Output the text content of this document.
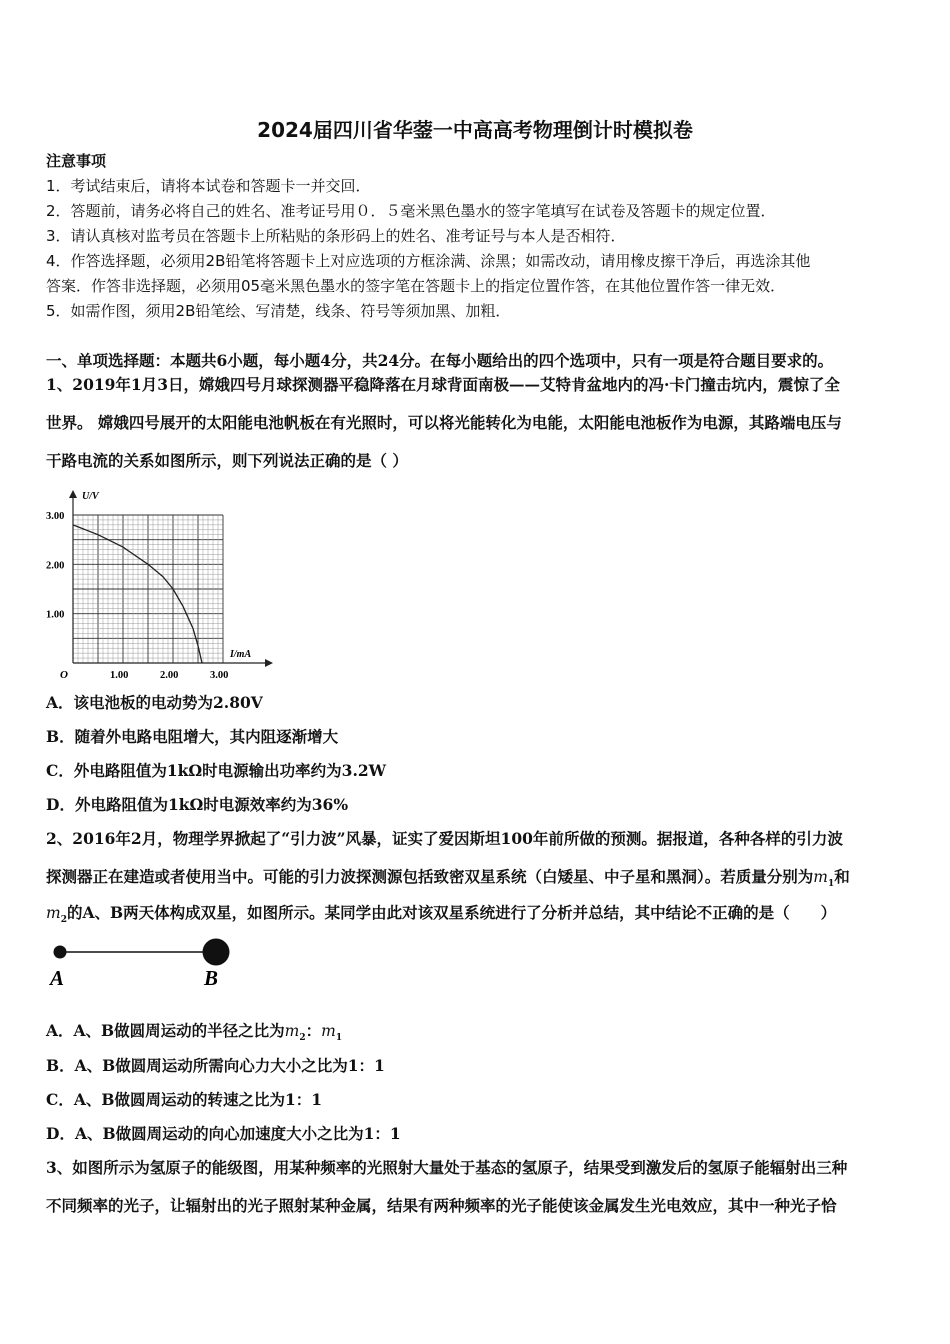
2024届四川省华蓥一中高高考物理倒计时模拟卷
注意事项
1．考试结束后，请将本试卷和答题卡一并交回．
2．答题前，请务必将自己的姓名、准考证号用０．５毫米黑色墨水的签字笔填写在试卷及答题卡的规定位置．
3．请认真核对监考员在答题卡上所粘贴的条形码上的姓名、准考证号与本人是否相符．
4．作答选择题，必须用2B铅笔将答题卡上对应选项的方框涂满、涂黑；如需改动，请用橡皮擦干净后，再选涂其他
答案．作答非选择题，必须用05毫米黑色墨水的签字笔在答题卡上的指定位置作答，在其他位置作答一律无效．
5．如需作图，须用2B铅笔绘、写清楚，线条、符号等须加黑、加粗．
一、单项选择题：本题共6小题，每小题4分，共24分。在每小题给出的四个选项中，只有一项是符合题目要求的。
1、2019年1月3日，嫦娥四号月球探测器平稳降落在月球背面南极——艾特肯盆地内的冯·卡门撞击坑内，震惊了全
世界。 嫦娥四号展开的太阳能电池帆板在有光照时，可以将光能转化为电能，太阳能电池板作为电源，其路端电压与
干路电流的关系如图所示，则下列说法正确的是（ ）
U/V
I/mA
O	1.00	2.00	3.00
1.00
2.00
3.00
A．该电池板的电动势为2.80V
B．随着外电路电阻增大，其内阻逐渐增大
C．外电路阻值为1kΩ时电源输出功率约为3.2W
D．外电路阻值为1kΩ时电源效率约为36%
2、2016年2月，物理学界掀起了“引力波”风暴，证实了爱因斯坦100年前所做的预测。据报道，各种各样的引力波
探测器正在建造或者使用当中。可能的引力波探测源包括致密双星系统（白矮星、中子星和黑洞）。若质量分别为$m_1$和
$m_2$的A、B两天体构成双星，如图所示。某同学由此对该双星系统进行了分析并总结，其中结论不正确的是（　　）
A	B
A．A、B做圆周运动的半径之比为$m_2$：$m_1$
B．A、B做圆周运动所需向心力大小之比为1：1
C．A、B做圆周运动的转速之比为1：1
D．A、B做圆周运动的向心加速度大小之比为1：1
3、如图所示为氢原子的能级图，用某种频率的光照射大量处于基态的氢原子，结果受到激发后的氢原子能辐射出三种
不同频率的光子，让辐射出的光子照射某种金属，结果有两种频率的光子能使该金属发生光电效应，其中一种光子恰
